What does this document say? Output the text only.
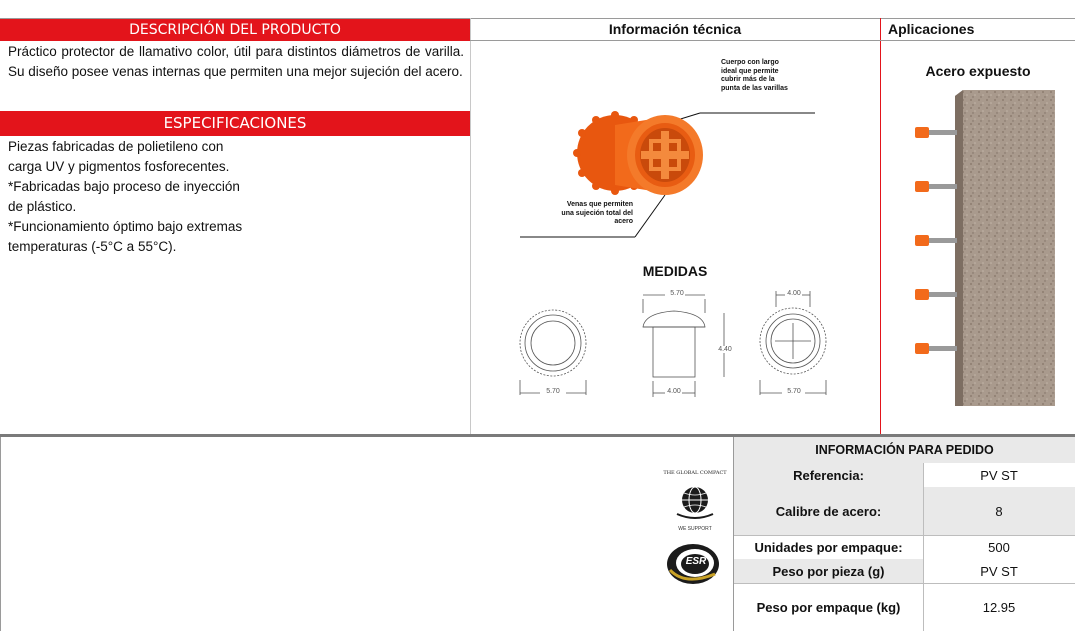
DESCRIPCIÓN DEL PRODUCTO
Práctico protector de llamativo color, útil para distintos diámetros de varilla. Su diseño posee venas internas que permiten una mejor sujeción del acero.
ESPECIFICACIONES
Piezas fabricadas de polietileno con
carga UV y pigmentos fosforecentes.
*Fabricadas bajo proceso de inyección
de plástico.
*Funcionamiento óptimo bajo extremas
temperaturas (-5°C a 55°C).
Información técnica
Cuerpo con largo
ideal que permite
cubrir más de la
punta de las varillas
Venas que permiten
una sujeción total del
acero
MEDIDAS
5.70
5.70
4.40
4.00
4.00
5.70
Aplicaciones
Acero expuesto
THE GLOBAL COMPACT
WE SUPPORT
ESR
INFORMACIÓN PARA PEDIDO
Referencia:	PV ST
Calibre de acero:	8
Unidades por empaque:	500
Peso por pieza (g)	PV ST
Peso por empaque (kg)	12.95
